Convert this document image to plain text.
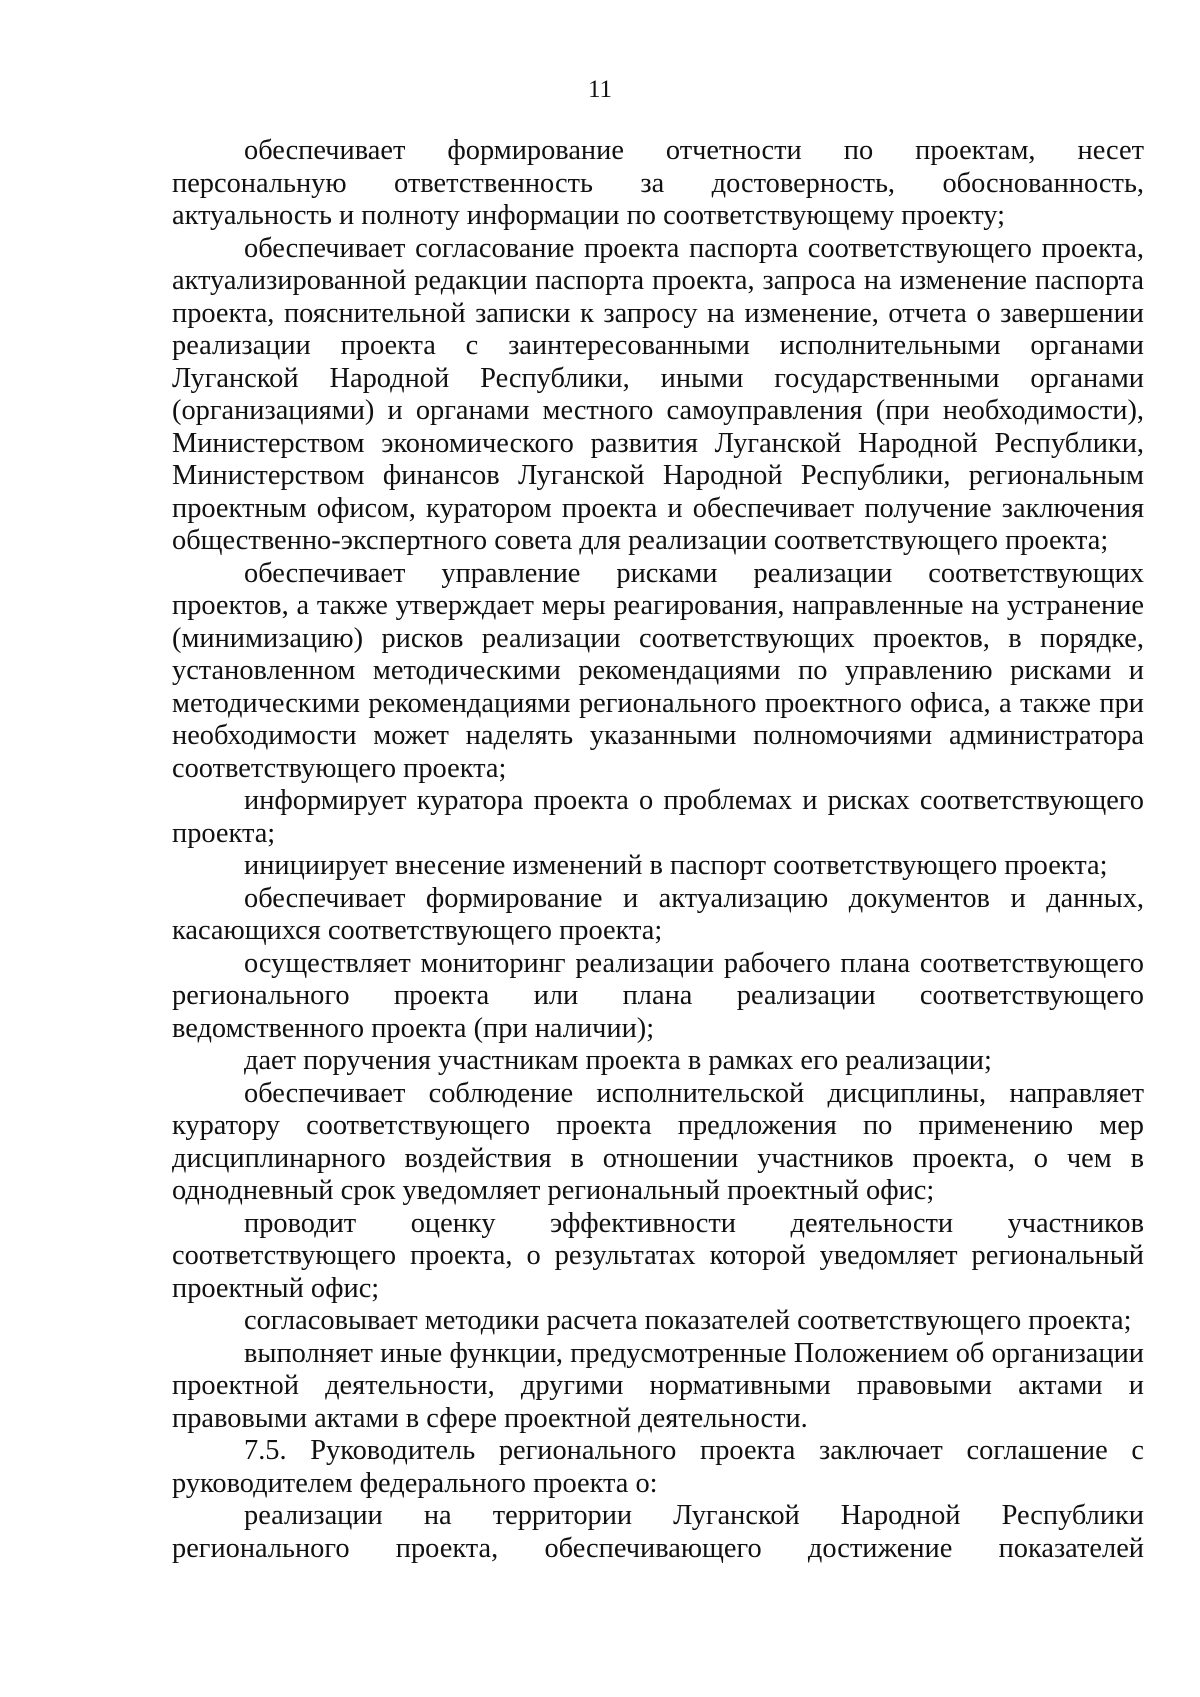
11

обеспечивает формирование отчетности по проектам, несет персональную ответственность за достоверность, обоснованность, актуальность и полноту информации по соответствующему проекту;

обеспечивает согласование проекта паспорта соответствующего проекта, актуализированной редакции паспорта проекта, запроса на изменение паспорта проекта, пояснительной записки к запросу на изменение, отчета о завершении реализации проекта с заинтересованными исполнительными органами Луганской Народной Республики, иными государственными органами (организациями) и органами местного самоуправления (при необходимости), Министерством экономического развития Луганской Народной Республики, Министерством финансов Луганской Народной Республики, региональным проектным офисом, куратором проекта и обеспечивает получение заключения общественно-экспертного совета для реализации соответствующего проекта;

обеспечивает управление рисками реализации соответствующих проектов, а также утверждает меры реагирования, направленные на устранение (минимизацию) рисков реализации соответствующих проектов, в порядке, установленном методическими рекомендациями по управлению рисками и методическими рекомендациями регионального проектного офиса, а также при необходимости может наделять указанными полномочиями администратора соответствующего проекта;

информирует куратора проекта о проблемах и рисках соответствующего проекта;

инициирует внесение изменений в паспорт соответствующего проекта;

обеспечивает формирование и актуализацию документов и данных, касающихся соответствующего проекта;

осуществляет мониторинг реализации рабочего плана соответствующего регионального проекта или плана реализации соответствующего ведомственного проекта (при наличии);

дает поручения участникам проекта в рамках его реализации;

обеспечивает соблюдение исполнительской дисциплины, направляет куратору соответствующего проекта предложения по применению мер дисциплинарного воздействия в отношении участников проекта, о чем в однодневный срок уведомляет региональный проектный офис;

проводит оценку эффективности деятельности участников соответствующего проекта, о результатах которой уведомляет региональный проектный офис;

согласовывает методики расчета показателей соответствующего проекта;

выполняет иные функции, предусмотренные Положением об организации проектной деятельности, другими нормативными правовыми актами и правовыми актами в сфере проектной деятельности.

7.5. Руководитель регионального проекта заключает соглашение с руководителем федерального проекта о:

реализации на территории Луганской Народной Республики регионального проекта, обеспечивающего достижение показателей
